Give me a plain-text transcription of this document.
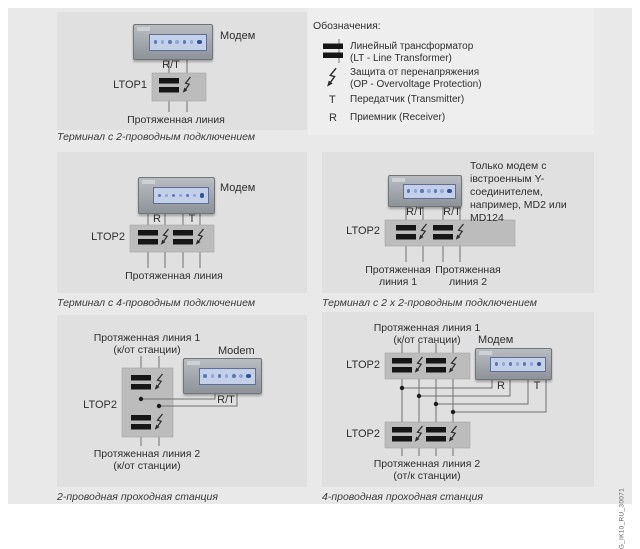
Модем
R/T
LTOP1
Протяженная линия
Терминал с 2-проводным подключением
Обозначения:
Линейный трансформатор
(LT - Line Transformer)
Защита от перенапряжения
(OP - Overvoltage Protection)
T Передатчик (Transmitter)
R Приемник (Receiver)
Модем
R	T
LTOP2
Протяженная линия
Терминал с 4-проводным подключением
Только модем с
iвстроенным Y-
соединителем,
например, MD2 или
MD124
R/T	R/T
LTOP2
Протяженная
линия 1
Протяженная
линия 2
Терминал с 2 x 2-проводным подключением
Протяженная линия 1
(к/от станции)	Modem
R/T
LTOP2
Протяженная линия 2
(к/от станции)
2-проводная проходная станция
Протяженная линия 1
(к/от станции)	Модем
R	T
LTOP2
LTOP2
Протяженная линия 2
(от/к станции)
4-проводная проходная станция	G_IK10_RU_30071
